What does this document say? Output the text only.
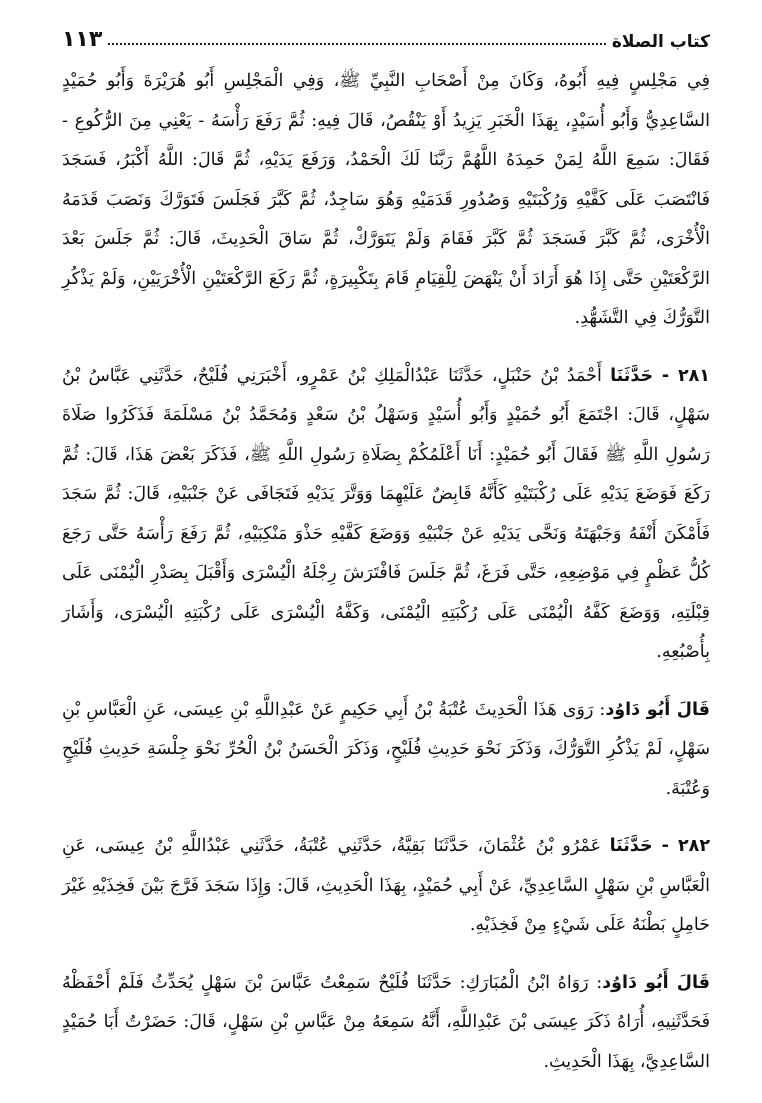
كتاب الصلاة
١١٣

فِي مَجْلِسٍ فِيهِ أَبُوهُ، وَكَانَ مِنْ أَصْحَابِ النَّبِيِّ ﷺ، وَفِي الْمَجْلِسِ أَبُو هُرَيْرَةَ وَأَبُو حُمَيْدٍ السَّاعِدِيُّ وَأَبُو أُسَيْدٍ، بِهَذَا الْخَبَرِ يَزِيدُ أَوْ يَنْقُصُ، قَالَ فِيهِ: ثُمَّ رَفَعَ رَأْسَهُ - يَعْنِي مِنَ الرُّكُوعِ - فَقَالَ: سَمِعَ اللَّهُ لِمَنْ حَمِدَهُ اللَّهُمَّ رَبَّنَا لَكَ الْحَمْدُ، وَرَفَعَ يَدَيْهِ، ثُمَّ قَالَ: اللَّهُ أَكْبَرُ، فَسَجَدَ فَانْتَصَبَ عَلَى كَفَّيْهِ وَرُكْبَتَيْهِ وَصُدُورِ قَدَمَيْهِ وَهُوَ سَاجِدٌ، ثُمَّ كَبَّرَ فَجَلَسَ فَتَوَرَّكَ وَنَصَبَ قَدَمَهُ الْأُخْرَى، ثُمَّ كَبَّرَ فَسَجَدَ ثُمَّ كَبَّرَ فَقَامَ وَلَمْ يَتَوَرَّكْ، ثُمَّ سَاقَ الْحَدِيثَ، قَالَ: ثُمَّ جَلَسَ بَعْدَ الرَّكْعَتَيْنِ حَتَّى إِذَا هُوَ أَرَادَ أَنْ يَنْهَضَ لِلْقِيَامِ قَامَ بِتَكْبِيرَةٍ، ثُمَّ رَكَعَ الرَّكْعَتَيْنِ الْأُخْرَيَيْنِ، وَلَمْ يَذْكُرِ التَّوَرُّكَ فِي التَّشَهُّدِ.

٢٨١ - حَدَّثَنَا أَحْمَدُ بْنُ حَنْبَلٍ، حَدَّثَنَا عَبْدُالْمَلِكِ بْنُ عَمْرٍو، أَخْبَرَنِي فُلَيْحٌ، حَدَّثَنِي عَبَّاسُ بْنُ سَهْلٍ، قَالَ: اجْتَمَعَ أَبُو حُمَيْدٍ وَأَبُو أُسَيْدٍ وَسَهْلُ بْنُ سَعْدٍ وَمُحَمَّدُ بْنُ مَسْلَمَةَ فَذَكَرُوا صَلَاةَ رَسُولِ اللَّهِ ﷺ فَقَالَ أَبُو حُمَيْدٍ: أَنَا أَعْلَمُكُمْ بِصَلَاةِ رَسُولِ اللَّهِ ﷺ، فَذَكَرَ بَعْضَ هَذَا، قَالَ: ثُمَّ رَكَعَ فَوَضَعَ يَدَيْهِ عَلَى رُكْبَتَيْهِ كَأَنَّهُ قَابِضٌ عَلَيْهِمَا وَوَتَّرَ يَدَيْهِ فَتَجَافَى عَنْ جَنْبَيْهِ، قَالَ: ثُمَّ سَجَدَ فَأَمْكَنَ أَنْفَهُ وَجَبْهَتَهُ وَنَحَّى يَدَيْهِ عَنْ جَنْبَيْهِ وَوَضَعَ كَفَّيْهِ حَذْوَ مَنْكِبَيْهِ، ثُمَّ رَفَعَ رَأْسَهُ حَتَّى رَجَعَ كُلُّ عَظْمٍ فِي مَوْضِعِهِ، حَتَّى فَرَغَ، ثُمَّ جَلَسَ فَافْتَرَشَ رِجْلَهُ الْيُسْرَى وَأَقْبَلَ بِصَدْرِ الْيُمْنَى عَلَى قِبْلَتِهِ، وَوَضَعَ كَفَّهُ الْيُمْنَى عَلَى رُكْبَتِهِ الْيُمْنَى، وَكَفَّهُ الْيُسْرَى عَلَى رُكْبَتِهِ الْيُسْرَى، وَأَشَارَ بِأُصْبُعِهِ.

قَالَ أَبُو دَاوُد: رَوَى هَذَا الْحَدِيثَ عُتْبَةُ بْنُ أَبِي حَكِيمٍ عَنْ عَبْدِاللَّهِ بْنِ عِيسَى، عَنِ الْعَبَّاسِ بْنِ سَهْلٍ، لَمْ يَذْكُرِ التَّوَرُّكَ، وَذَكَرَ نَحْوَ حَدِيثِ فُلَيْحٍ، وَذَكَرَ الْحَسَنُ بْنُ الْحُرِّ نَحْوَ جِلْسَةِ حَدِيثِ فُلَيْحٍ وَعُتْبَةَ.

٢٨٢ - حَدَّثَنَا عَمْرُو بْنُ عُثْمَانَ، حَدَّثَنَا بَقِيَّةُ، حَدَّثَنِي عُتْبَةُ، حَدَّثَنِي عَبْدُاللَّهِ بْنُ عِيسَى، عَنِ الْعَبَّاسِ بْنِ سَهْلٍ السَّاعِدِيِّ، عَنْ أَبِي حُمَيْدٍ، بِهَذَا الْحَدِيثِ، قَالَ: وَإِذَا سَجَدَ فَرَّجَ بَيْنَ فَخِذَيْهِ غَيْرَ حَامِلٍ بَطْنَهُ عَلَى شَيْءٍ مِنْ فَخِذَيْهِ.

قَالَ أَبُو دَاوُد: رَوَاهُ ابْنُ الْمُبَارَكِ: حَدَّثَنَا فُلَيْحٌ سَمِعْتُ عَبَّاسَ بْنَ سَهْلٍ يُحَدِّثُ فَلَمْ أَحْفَظْهُ فَحَدَّثَنِيهِ، أُرَاهُ ذَكَرَ عِيسَى بْنَ عَبْدِاللَّهِ، أَنَّهُ سَمِعَهُ مِنْ عَبَّاسِ بْنِ سَهْلٍ، قَالَ: حَضَرْتُ أَبَا حُمَيْدٍ السَّاعِدِيَّ، بِهَذَا الْحَدِيثِ.
